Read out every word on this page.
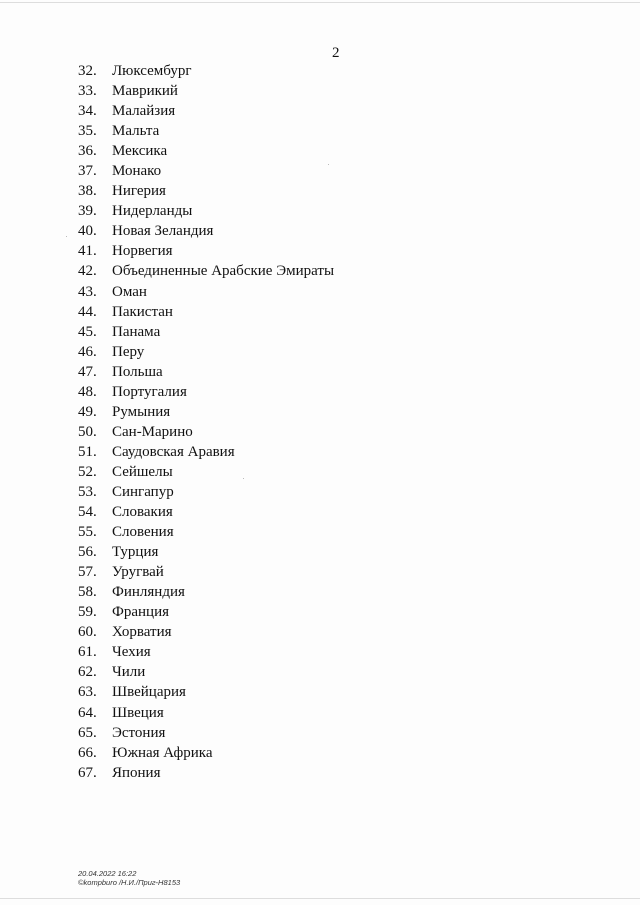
2
32.	Люксембург
33.	Маврикий
34.	Малайзия
35.	Мальта
36.	Мексика
37.	Монако
38.	Нигерия
39.	Нидерланды
40.	Новая Зеландия
41.	Норвегия
42.	Объединенные Арабские Эмираты
43.	Оман
44.	Пакистан
45.	Панама
46.	Перу
47.	Польша
48.	Португалия
49.	Румыния
50.	Сан-Марино
51.	Саудовская Аравия
52.	Сейшелы
53.	Сингапур
54.	Словакия
55.	Словения
56.	Турция
57.	Уругвай
58.	Финляндия
59.	Франция
60.	Хорватия
61.	Чехия
62.	Чили
63.	Швейцария
64.	Швеция
65.	Эстония
66.	Южная Африка
67.	Япония
20.04.2022 16:22
©kompburo /Н.И./Приг-Н8153
